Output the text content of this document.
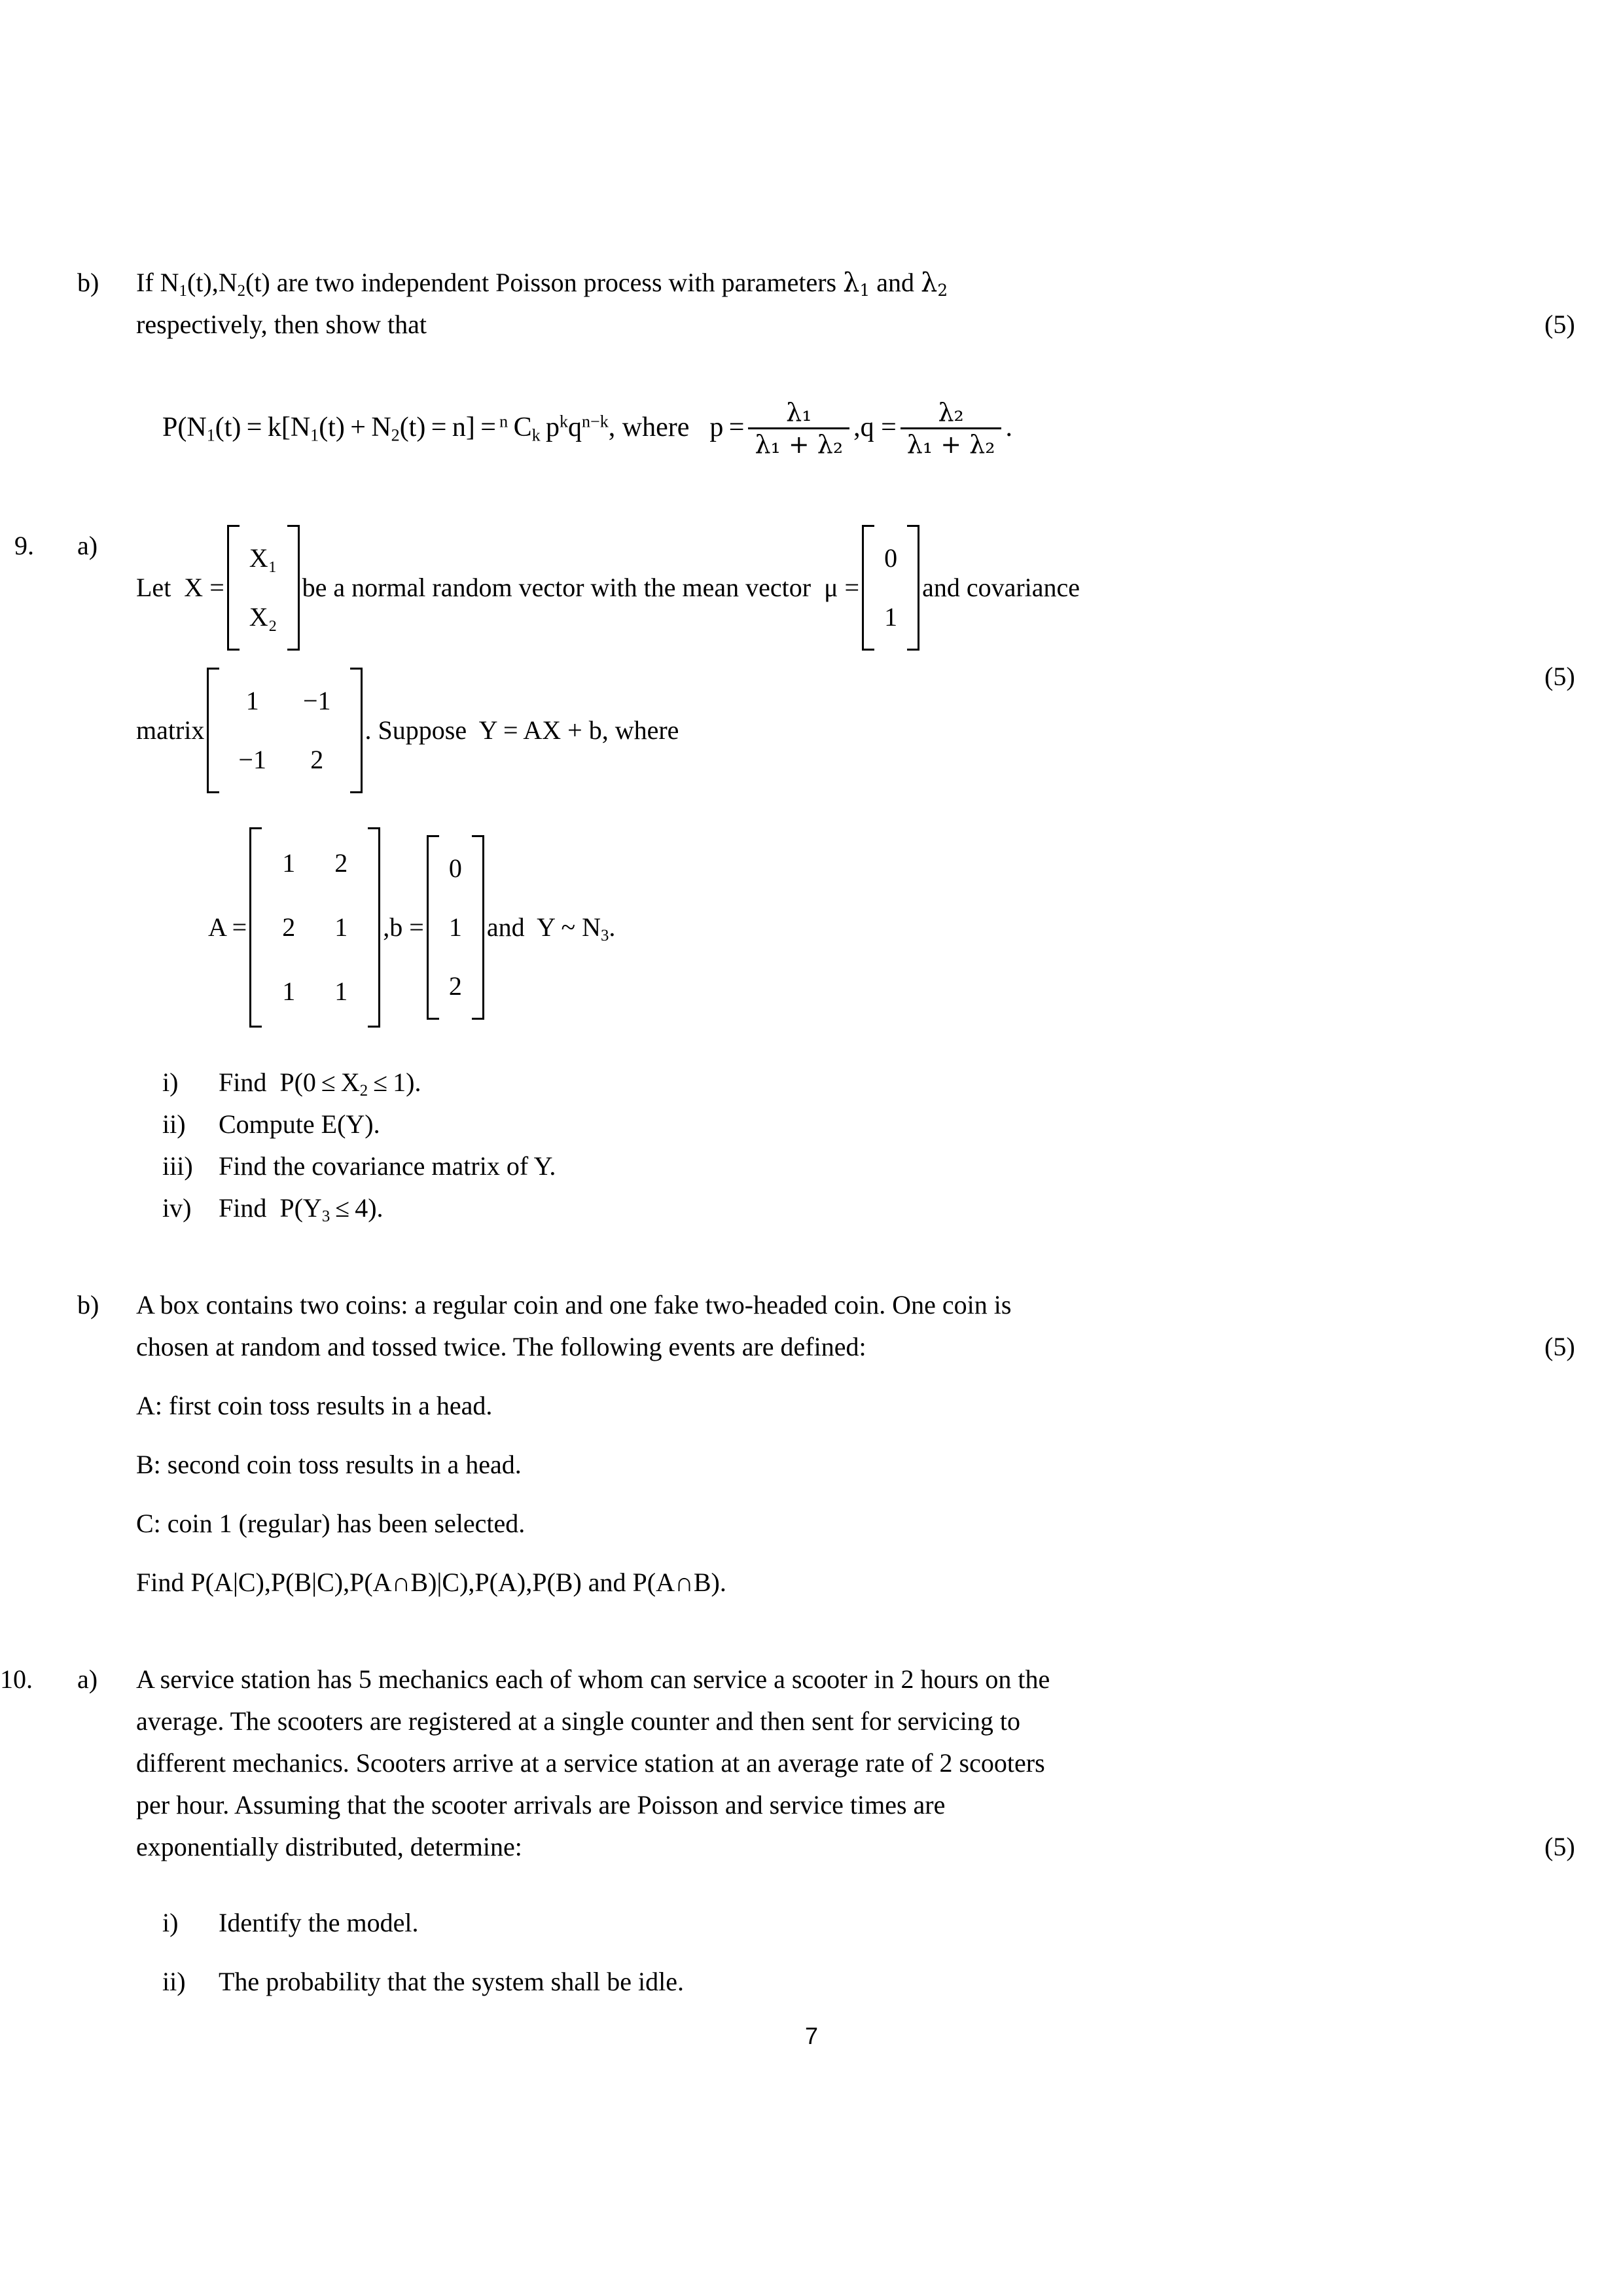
b)	If $N_1(t),N_2(t)$ are two independent Poisson process with parameters $\lambda_1$ and $\lambda_2$

respectively, then show that	(5)
$P(N_1(t) = k[N_1(t) + N_2(t) = n] = ^n$ $C_k$ $p^kq^{n-k}$, where   $p = \frac{\text{λ₁}}{\text{λ₁ + λ₂}} ,q = \frac{\text{λ₂}}{\text{λ₁ + λ₂}}$ .
9.	a)
Let  X =
X₁
X₂
be a normal random vector with the mean vector  μ =
0
1
and covariance
matrix
1	−1
−1	2
. Suppose  Y = AX + b, where
(5)
A =
1	2
2	1
1	1
,b =
0
1
2
and  Y ~ $N_3$.
i)	Find  $P(0 \le X_2 \le 1)$.
ii)	Compute E(Y).
iii) Find the covariance matrix of Y.
iv)	Find  $P(Y_3 \le 4)$.
b)	A box contains two coins: a regular coin and one fake two-headed coin. One coin is

chosen at random and tossed twice. The following events are defined:	(5)

A: first coin toss results in a head.

B: second coin toss results in a head.

C: coin 1 (regular) has been selected.

Find P(A|C),P(B|C),P(A∩B)|C),P(A),P(B) and P(A∩B).

10.	a)	A service station has 5 mechanics each of whom can service a scooter in 2 hours on the

average. The scooters are registered at a single counter and then sent for servicing to

different mechanics. Scooters arrive at a service station at an average rate of 2 scooters

per hour. Assuming that the scooter arrivals are Poisson and service times are

exponentially distributed, determine:	(5)
i)	Identify the model.
ii)	The probability that the system shall be idle.
7
